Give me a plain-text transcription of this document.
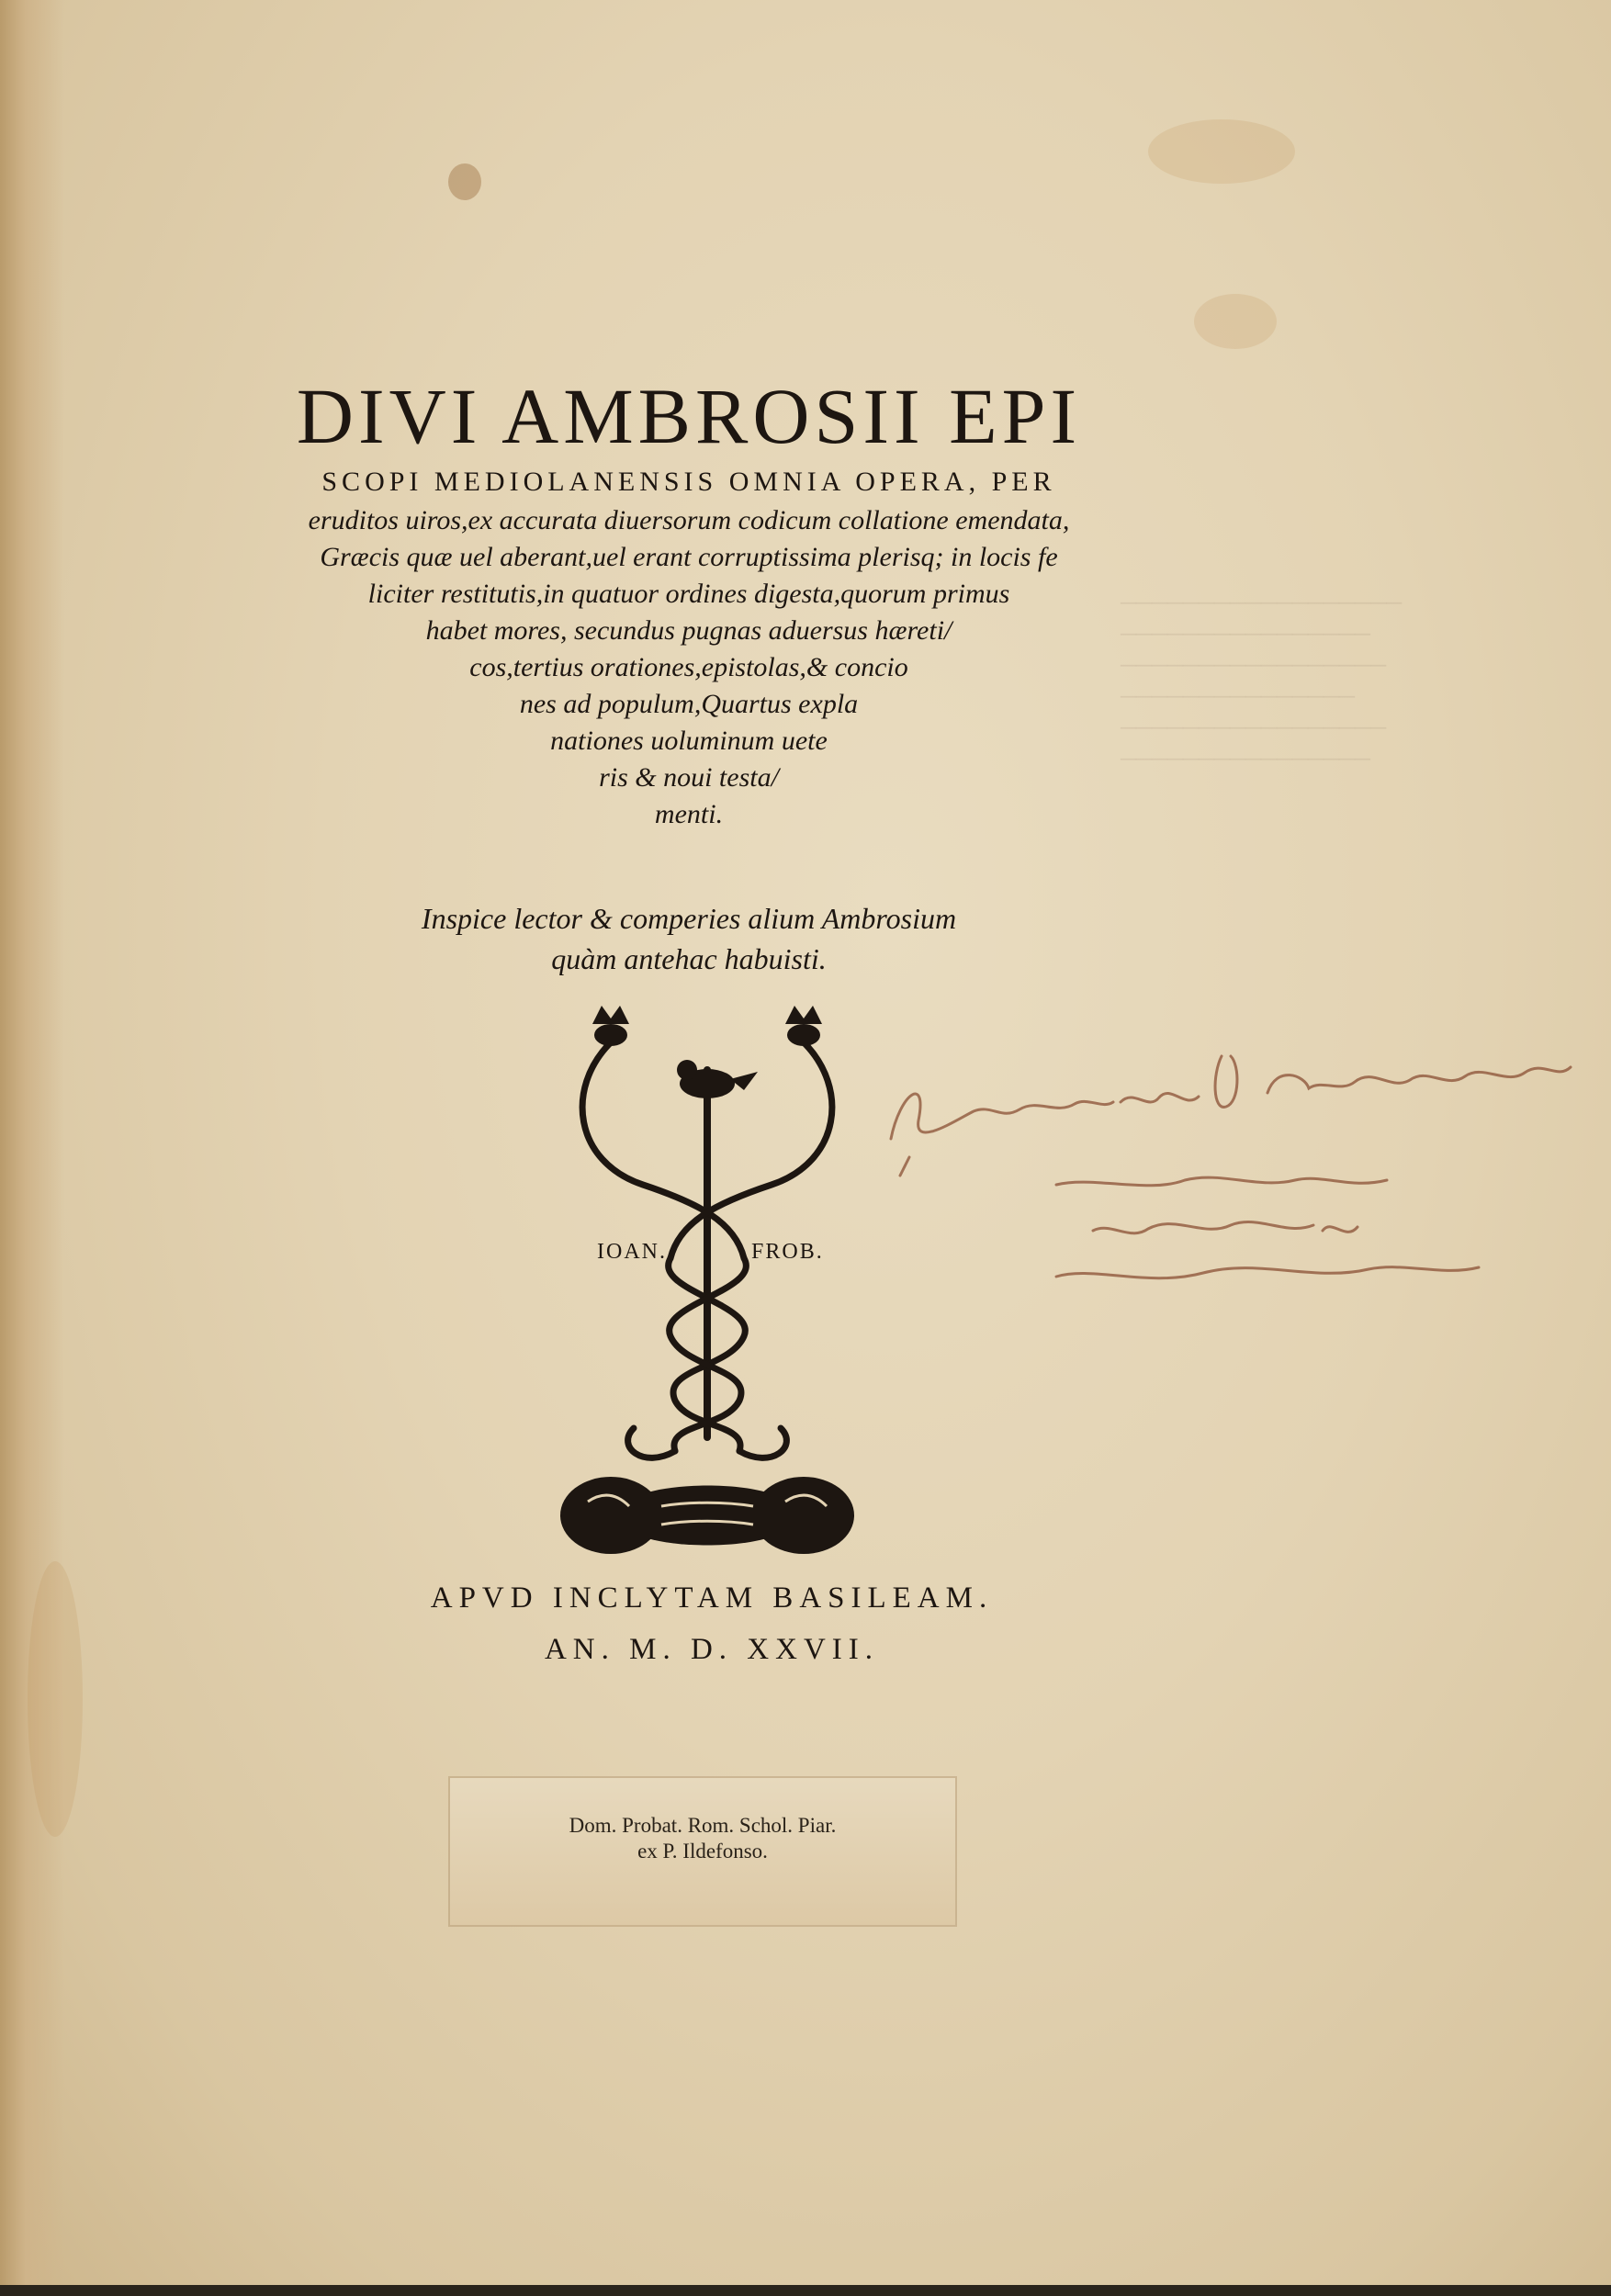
──────────────────
────────────────
─────────────────
───────────────
─────────────────
────────────────
DIVI AMBROSII EPI
SCOPI MEDIOLANENSIS OMNIA OPERA, PER
eruditos uiros,ex accurata diuersorum codicum collatione emendata,
Græcis quæ uel aberant,uel erant corruptissima plerisq; in locis fe
liciter restitutis,in quatuor ordines digesta,quorum primus
habet mores, secundus pugnas aduersus hæreti/
cos,tertius orationes,epistolas,& concio
nes ad populum,Quartus expla
nationes uoluminum uete
ris & noui testa/
menti.
Inspice lector & comperies alium Ambrosium
quàm antehac habuisti.
IOAN.	FROB.
APVD INCLYTAM BASILEAM.
AN. M. D. XXVII.
Dom. Probat. Rom. Schol. Piar.
ex P. Ildefonso.
